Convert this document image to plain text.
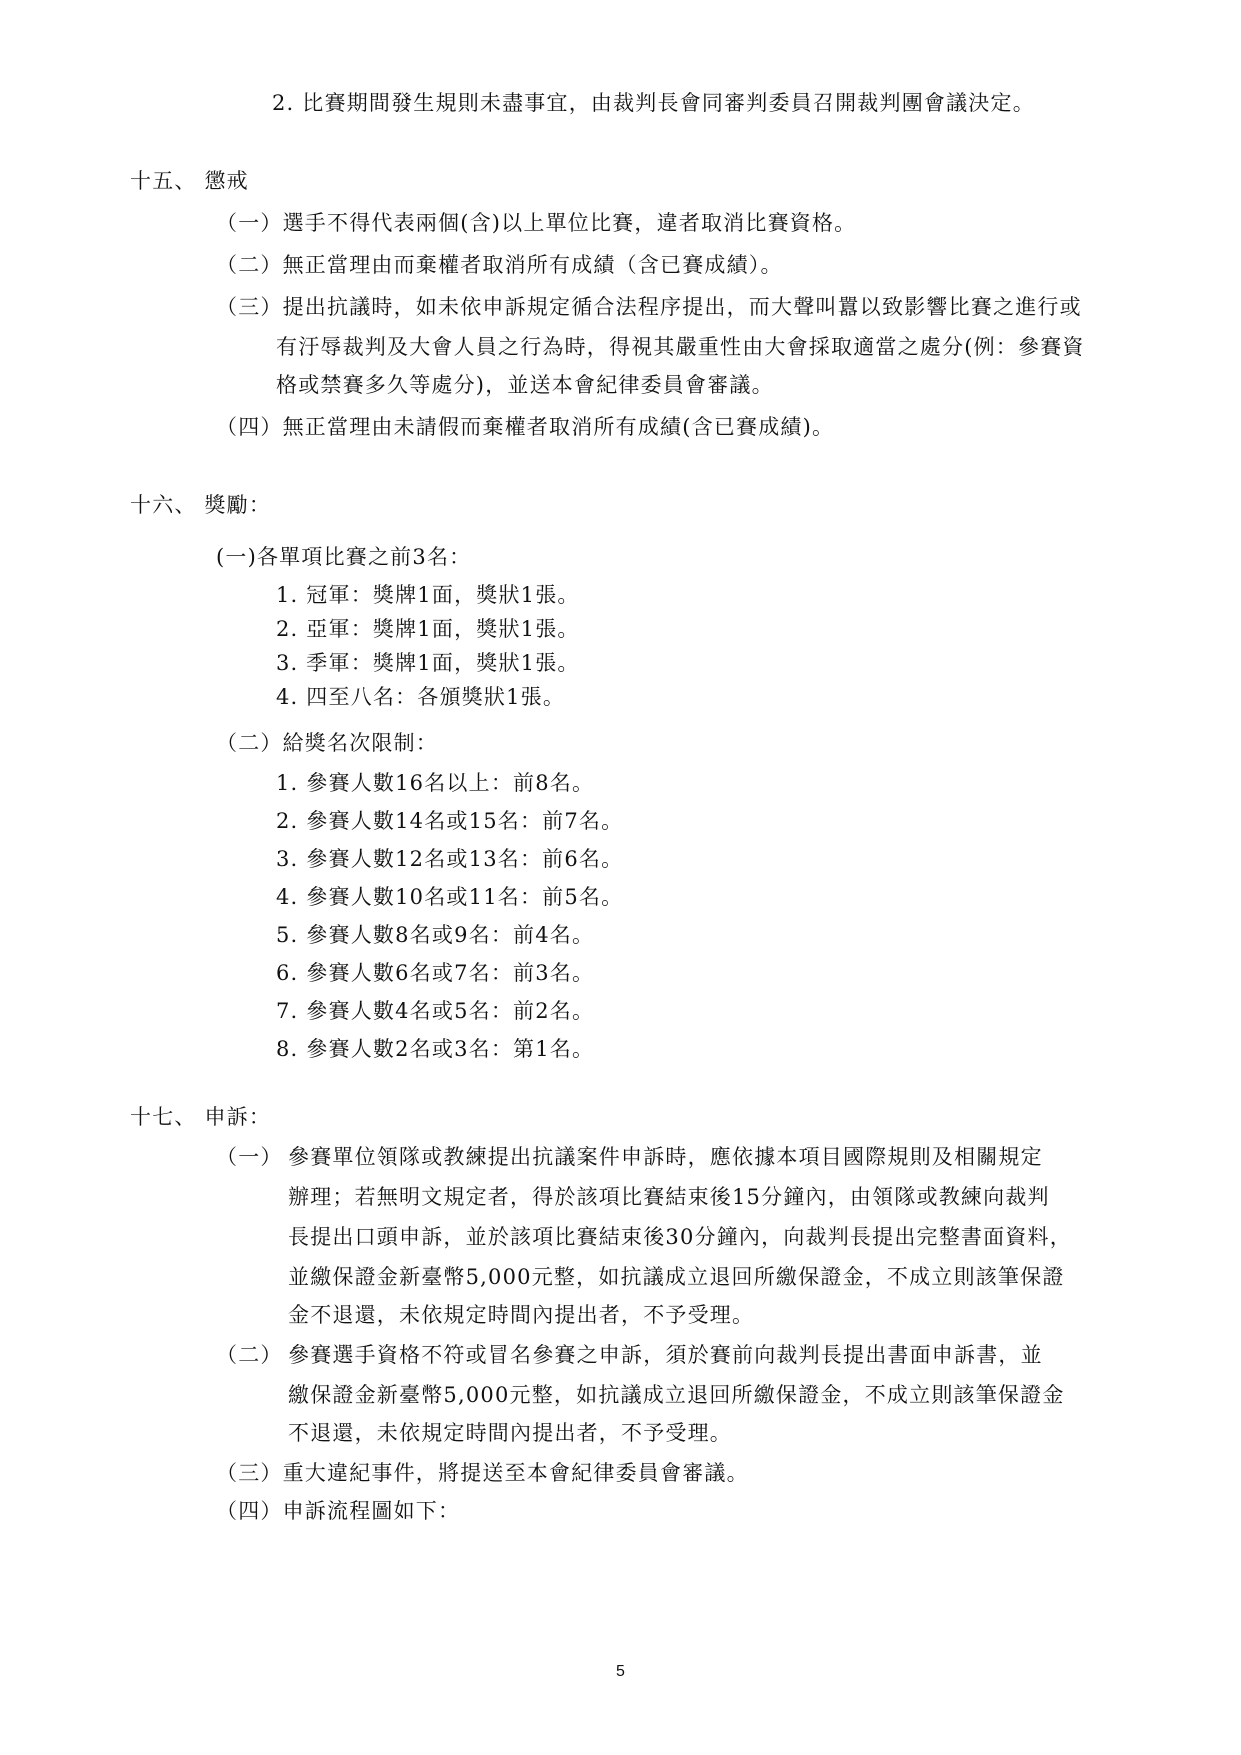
2. 比賽期間發生規則未盡事宜，由裁判長會同審判委員召開裁判團會議決定。
十五、 懲戒
（一）選手不得代表兩個(含)以上單位比賽，違者取消比賽資格。
（二）無正當理由而棄權者取消所有成績（含已賽成績）。
（三）提出抗議時，如未依申訴規定循合法程序提出，而大聲叫囂以致影響比賽之進行或
有汙辱裁判及大會人員之行為時，得視其嚴重性由大會採取適當之處分(例：參賽資
格或禁賽多久等處分)，並送本會紀律委員會審議。
（四）無正當理由未請假而棄權者取消所有成績(含已賽成績)。
十六、 獎勵：
(一)各單項比賽之前3名：
1. 冠軍：獎牌1面，獎狀1張。
2. 亞軍：獎牌1面，獎狀1張。
3. 季軍：獎牌1面，獎狀1張。
4. 四至八名：各頒獎狀1張。
（二）給獎名次限制：
1. 參賽人數16名以上：前8名。
2. 參賽人數14名或15名：前7名。
3. 參賽人數12名或13名：前6名。
4. 參賽人數10名或11名：前5名。
5. 參賽人數8名或9名：前4名。
6. 參賽人數6名或7名：前3名。
7. 參賽人數4名或5名：前2名。
8. 參賽人數2名或3名：第1名。
十七、 申訴：
（一） 參賽單位領隊或教練提出抗議案件申訴時，應依據本項目國際規則及相關規定
辦理；若無明文規定者，得於該項比賽結束後15分鐘內，由領隊或教練向裁判
長提出口頭申訴，並於該項比賽結束後30分鐘內，向裁判長提出完整書面資料，
並繳保證金新臺幣5,000元整，如抗議成立退回所繳保證金，不成立則該筆保證
金不退還，未依規定時間內提出者，不予受理。
（二） 參賽選手資格不符或冒名參賽之申訴，須於賽前向裁判長提出書面申訴書，並
繳保證金新臺幣5,000元整，如抗議成立退回所繳保證金，不成立則該筆保證金
不退還，未依規定時間內提出者，不予受理。
（三）重大違紀事件，將提送至本會紀律委員會審議。
（四）申訴流程圖如下：
5
